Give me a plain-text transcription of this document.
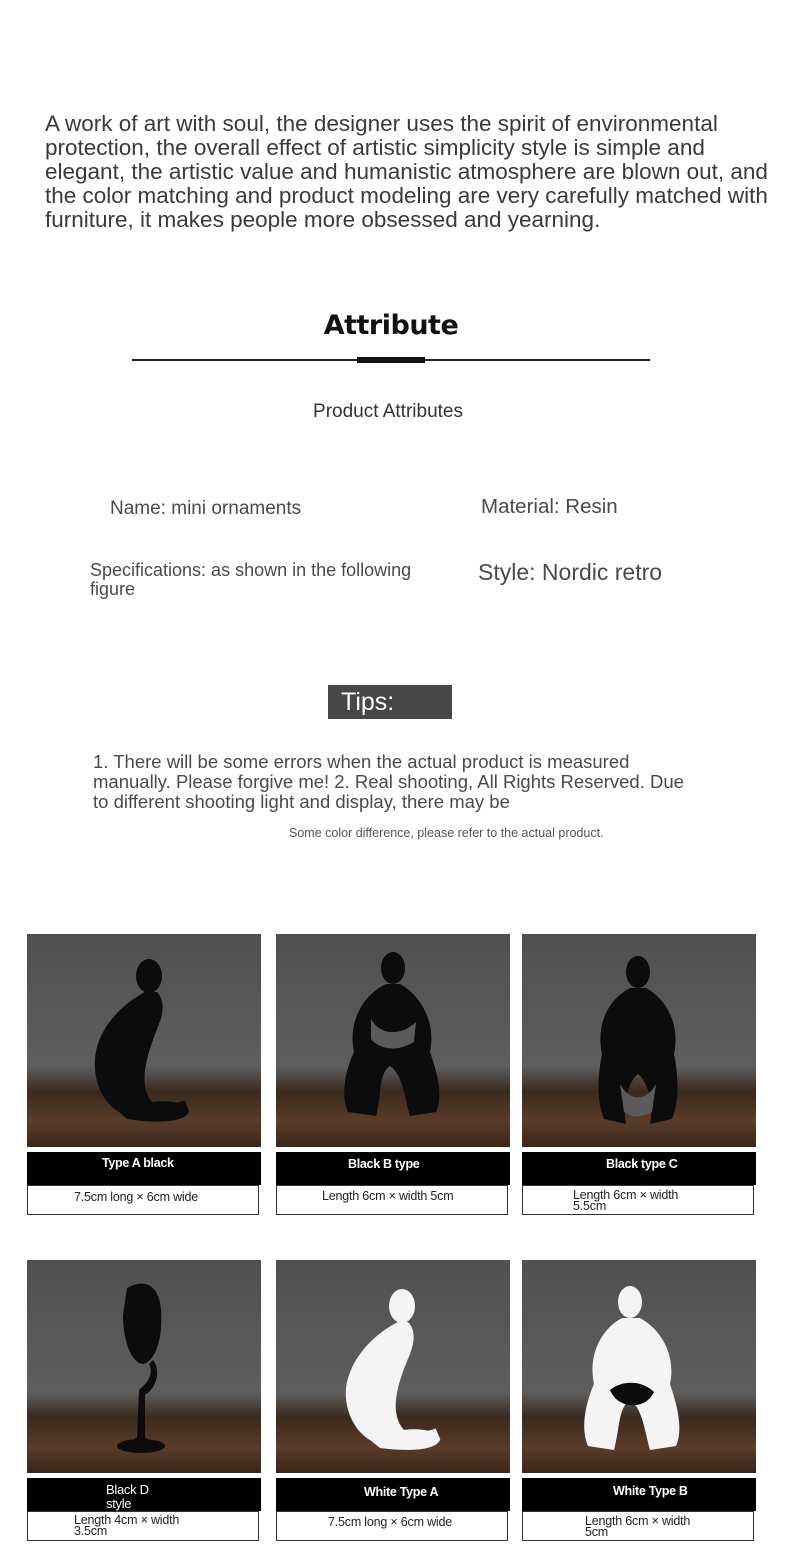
A work of art with soul, the designer uses the spirit of environmental protection, the overall effect of artistic simplicity style is simple and elegant, the artistic value and humanistic atmosphere are blown out, and the color matching and product modeling are very carefully matched with furniture, it makes people more obsessed and yearning.
Attribute
Product Attributes
Name: mini ornaments	Material: Resin
Specifications: as shown in the following figure
Style: Nordic retro
Tips:
1. There will be some errors when the actual product is measured manually. Please forgive me! 2. Real shooting, All Rights Reserved. Due to different shooting light and display, there may be
Some color difference, please refer to the actual product.
Type A black
7.5cm long × 6cm wide
Black B type
Length 6cm × width 5cm
Black type C
Length 6cm × width 5.5cm
Black D style
Length 4cm × width 3.5cm
White Type A
7.5cm long × 6cm wide
White Type B
Length 6cm × width 5cm
